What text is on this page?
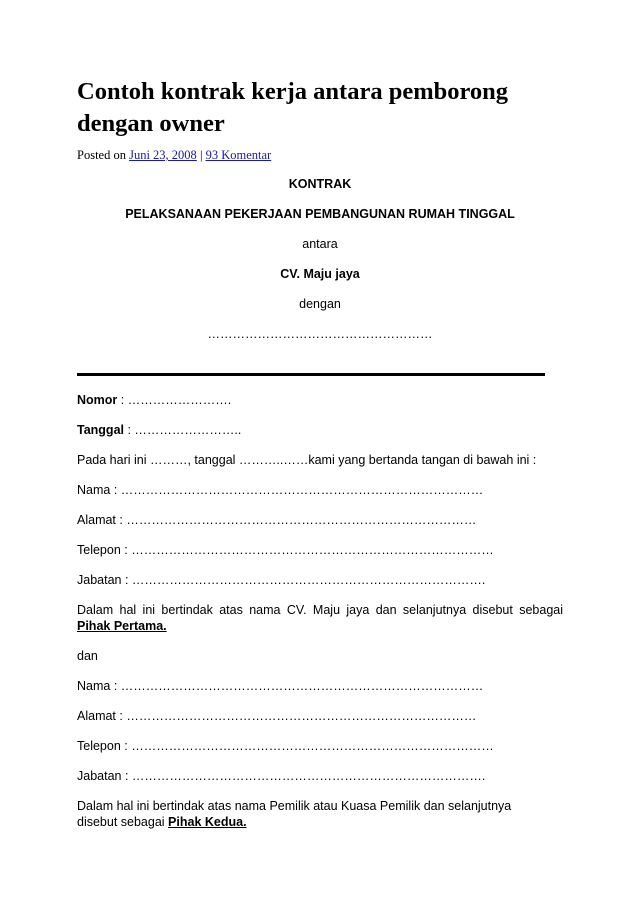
Contoh kontrak kerja antara pemborong
dengan owner
Posted on Juni 23, 2008 | 93 Komentar
KONTRAK
PELAKSANAAN PEKERJAAN PEMBANGUNAN RUMAH TINGGAL
antara
CV. Maju jaya
dengan
………………………………………………
Nomor : …………………….
Tanggal : ……………………..
Pada hari ini ………, tanggal ………..……kami yang bertanda tangan di bawah ini :
Nama : ……………………………………………………………………………
Alamat : …………………………………………………………………………
Telepon : ……………………………………………………………………………
Jabatan : ………………………………………………………………………….
Dalam hal ini bertindak atas nama CV. Maju jaya dan selanjutnya disebut sebagai
Pihak Pertama.
dan
Nama : ……………………………………………………………………………
Alamat : …………………………………………………………………………
Telepon : ……………………………………………………………………………
Jabatan : ………………………………………………………………………….
Dalam hal ini bertindak atas nama Pemilik atau Kuasa Pemilik dan selanjutnya
disebut sebagai Pihak Kedua.
